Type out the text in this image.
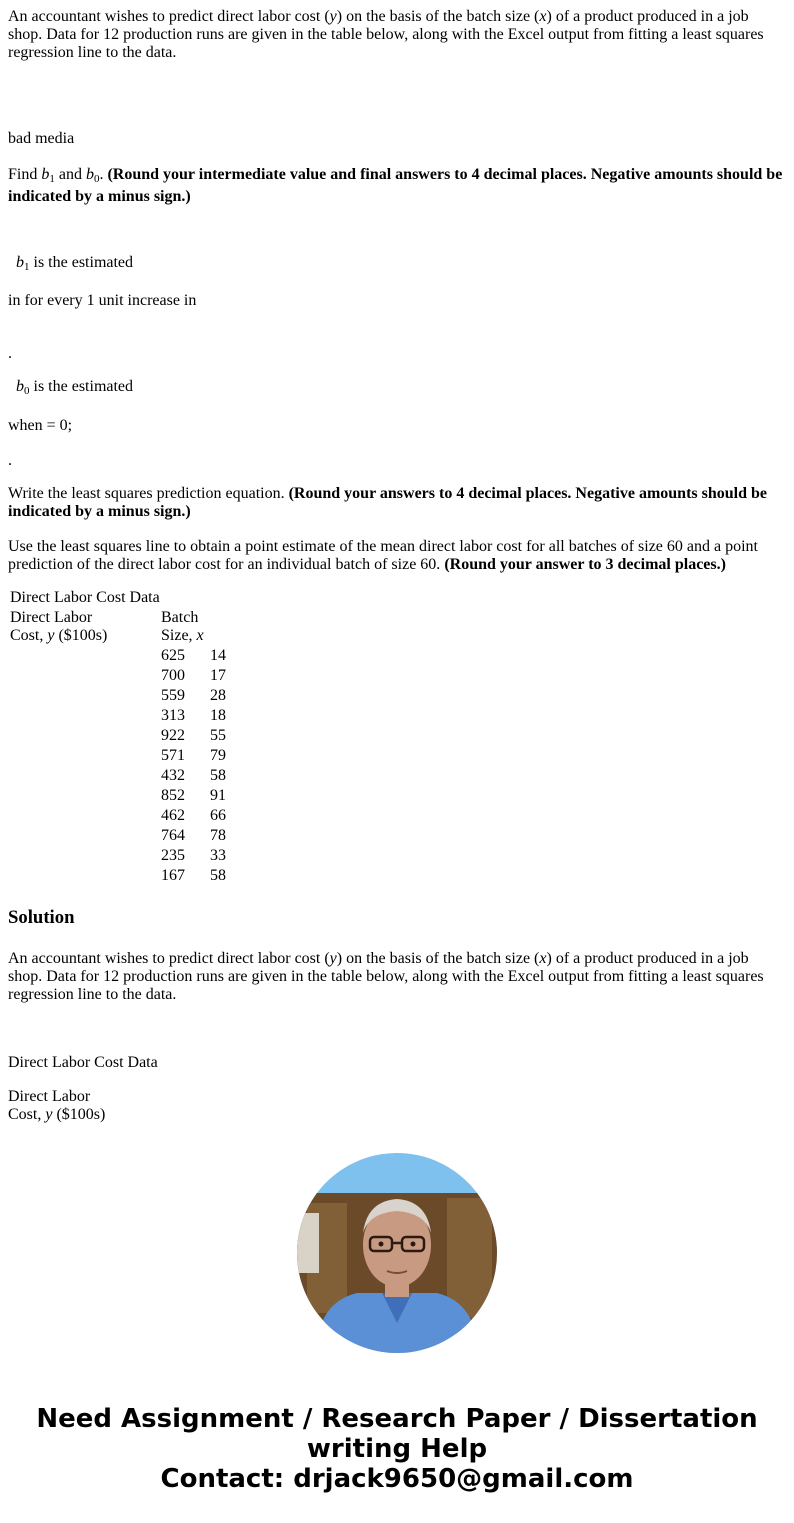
An accountant wishes to predict direct labor cost (y) on the basis of the batch size (x) of a product produced in a job shop. Data for 12 production runs are given in the table below, along with the Excel output from fitting a least squares regression line to the data.

bad media

Find $b_1$ and $b_0$. (Round your intermediate value and final answers to 4 decimal places. Negative amounts should be indicated by a minus sign.)

$b_1$ is the estimated

in for every 1 unit increase in

.

$b_0$ is the estimated

when = 0;

.

Write the least squares prediction equation. (Round your answers to 4 decimal places. Negative amounts should be indicated by a minus sign.)

Use the least squares line to obtain a point estimate of the mean direct labor cost for all batches of size 60 and a point prediction of the direct labor cost for an individual batch of size 60. (Round your answer to 3 decimal places.)

Direct Labor Cost Data		
Direct Labor
Cost, y ($100s)	Batch
Size, x	
	625	14
	700	17
	559	28
	313	18
	922	55
	571	79
	432	58
	852	91
	462	66
	764	78
	235	33
	167	58
Solution

An accountant wishes to predict direct labor cost (y) on the basis of the batch size (x) of a product produced in a job shop. Data for 12 production runs are given in the table below, along with the Excel output from fitting a least squares regression line to the data.

Direct Labor Cost Data

Direct Labor
Cost, y ($100s)

Need Assignment / Research Paper / Dissertation
writing Help
Contact: drjack9650@gmail.com
